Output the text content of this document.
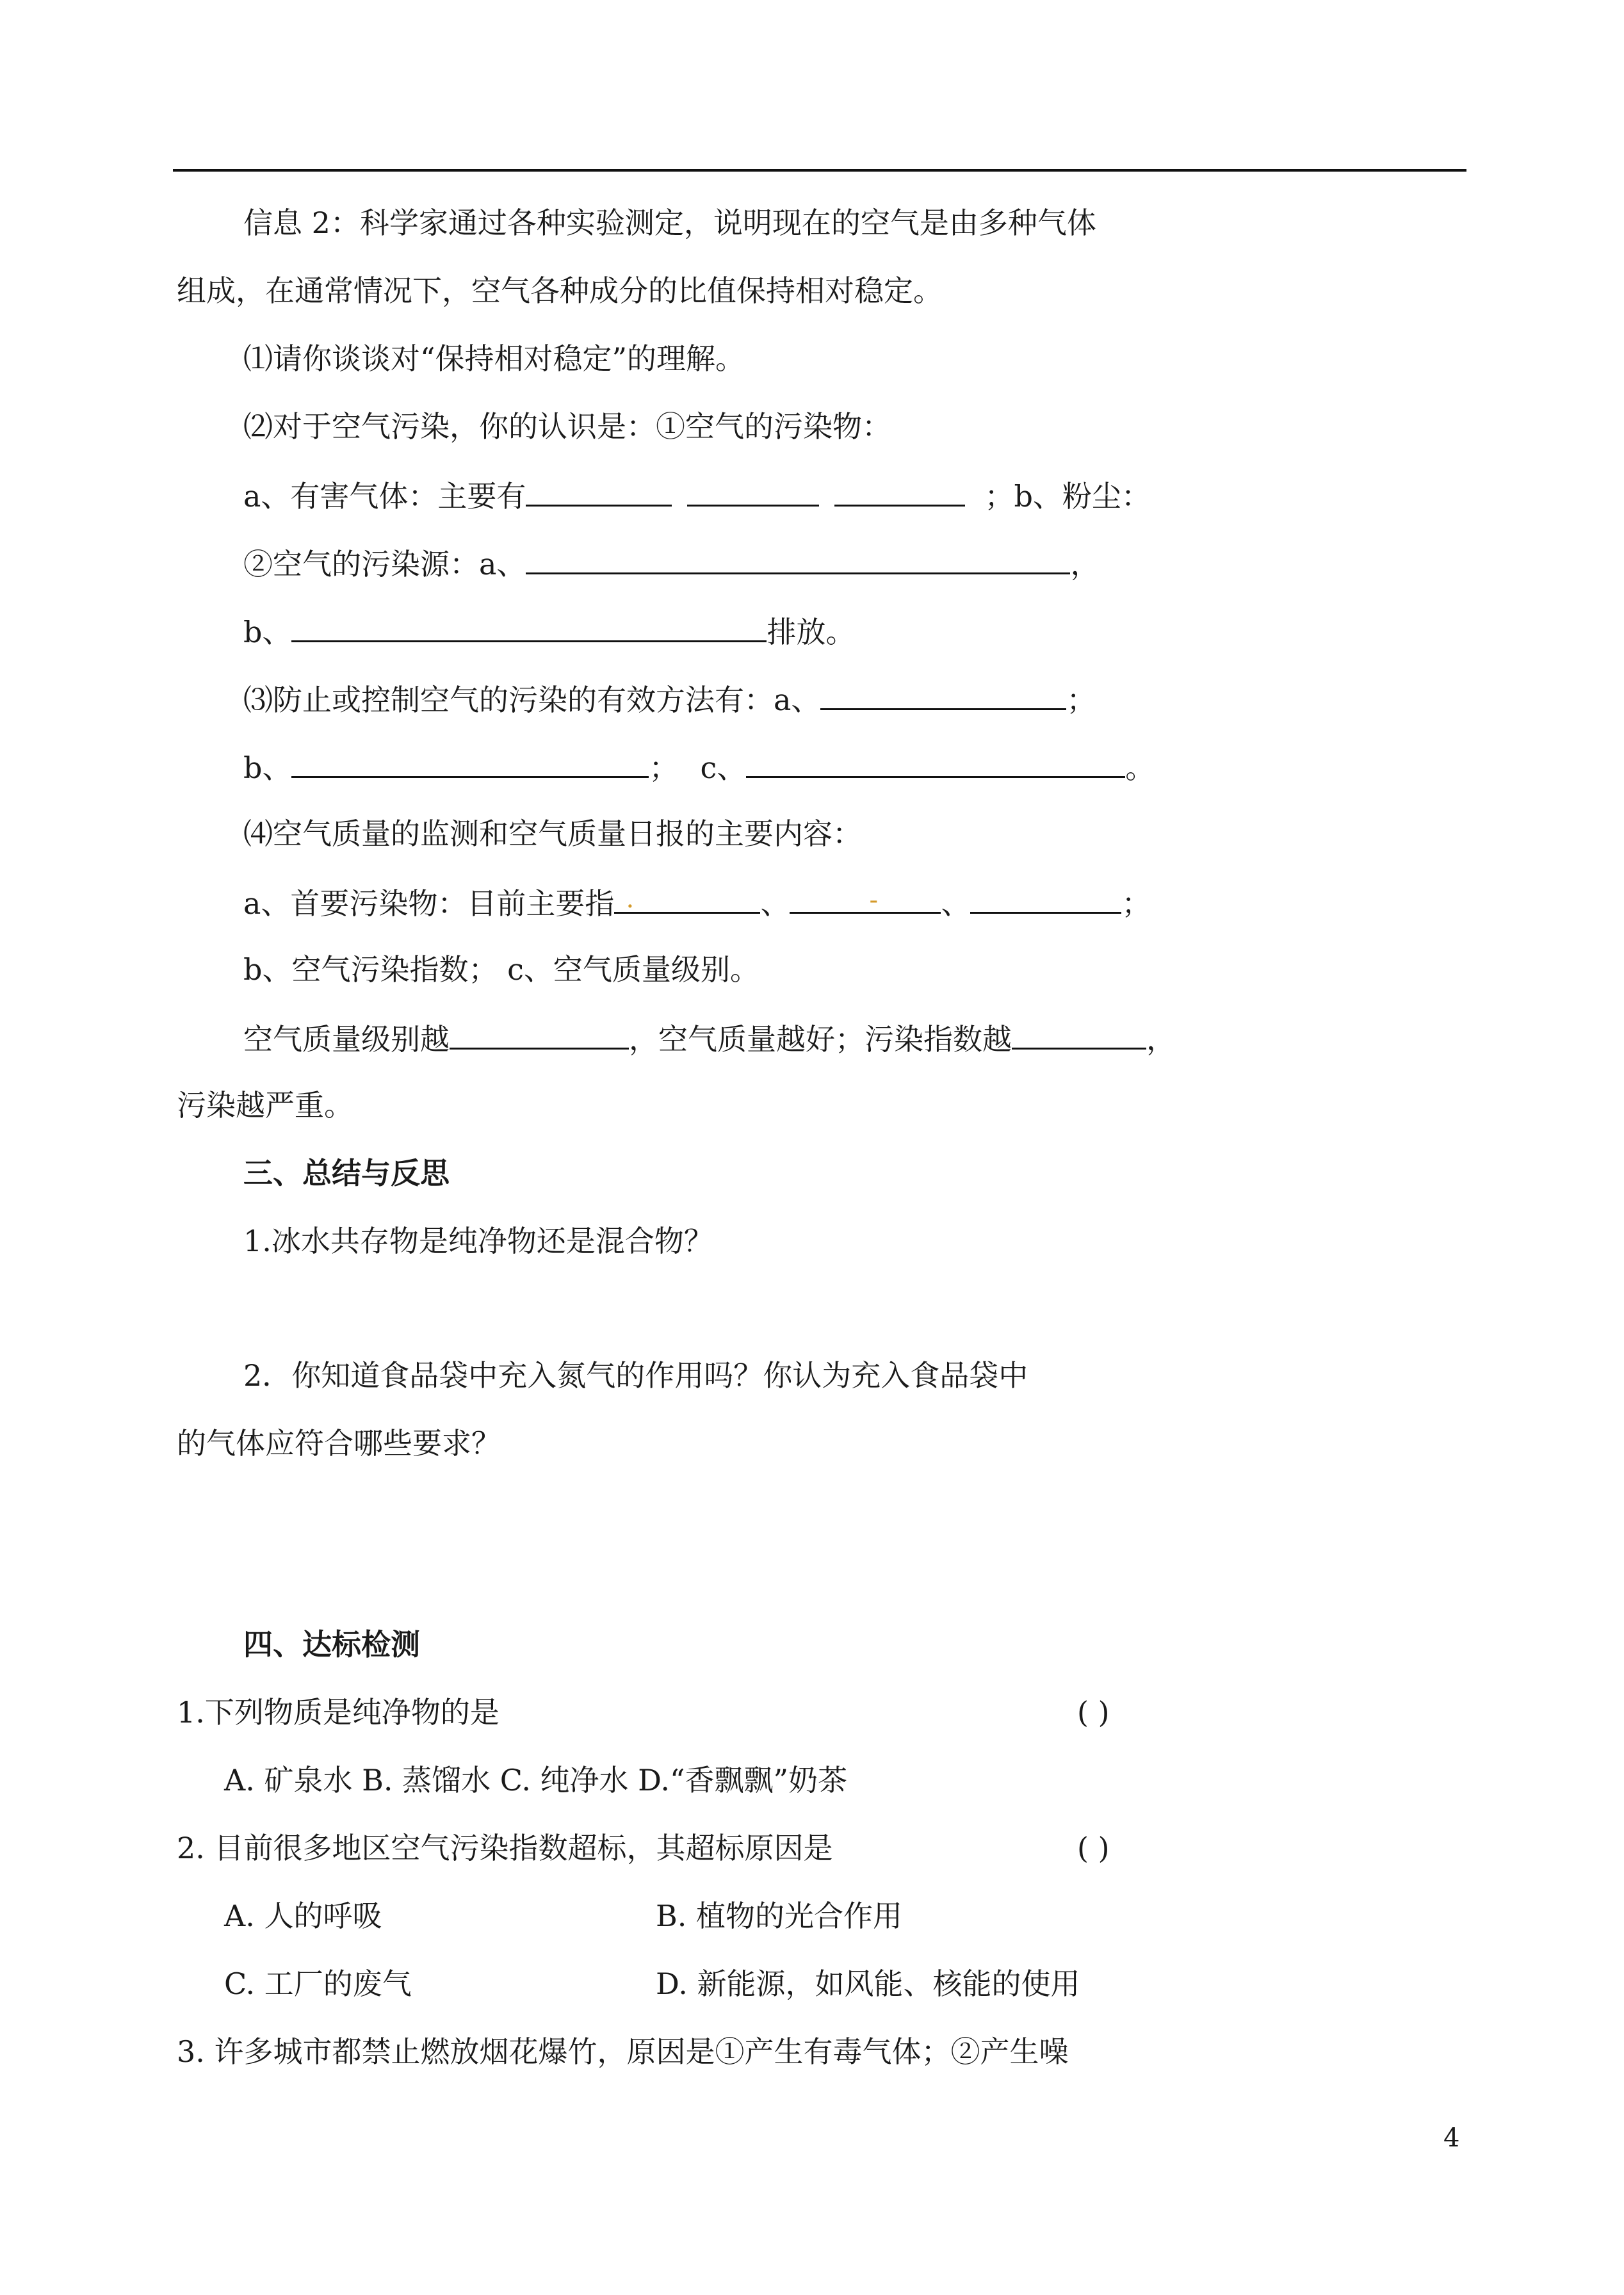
信息 2：科学家通过各种实验测定，说明现在的空气是由多种气体
组成，在通常情况下，空气各种成分的比值保持相对稳定。
⑴请你谈谈对“保持相对稳定”的理解。
⑵对于空气污染，你的认识是：①空气的污染物：
a、有害气体：主要有	；b、粉尘：
②空气的污染源：a、	，
b、	排放。
⑶防止或控制空气的污染的有效方法有：a、	；
b、	； c、	。
⑷空气质量的监测和空气质量日报的主要内容：
a、首要污染物：目前主要指 .	、	- 、	；
b、空气污染指数； c、空气质量级别。
空气质量级别越	，空气质量越好；污染指数越	，
污染越严重。
三、总结与反思
1.冰水共存物是纯净物还是混合物？
2．你知道食品袋中充入氮气的作用吗？你认为充入食品袋中
的气体应符合哪些要求？
四、达标检测
1.下列物质是纯净物的是	( )
A. 矿泉水 B. 蒸馏水 C. 纯净水 D.“香飘飘”奶茶
2. 目前很多地区空气污染指数超标，其超标原因是	( )
A. 人的呼吸	B. 植物的光合作用
C. 工厂的废气	D. 新能源，如风能、核能的使用
3. 许多城市都禁止燃放烟花爆竹，原因是①产生有毒气体；②产生噪
4
